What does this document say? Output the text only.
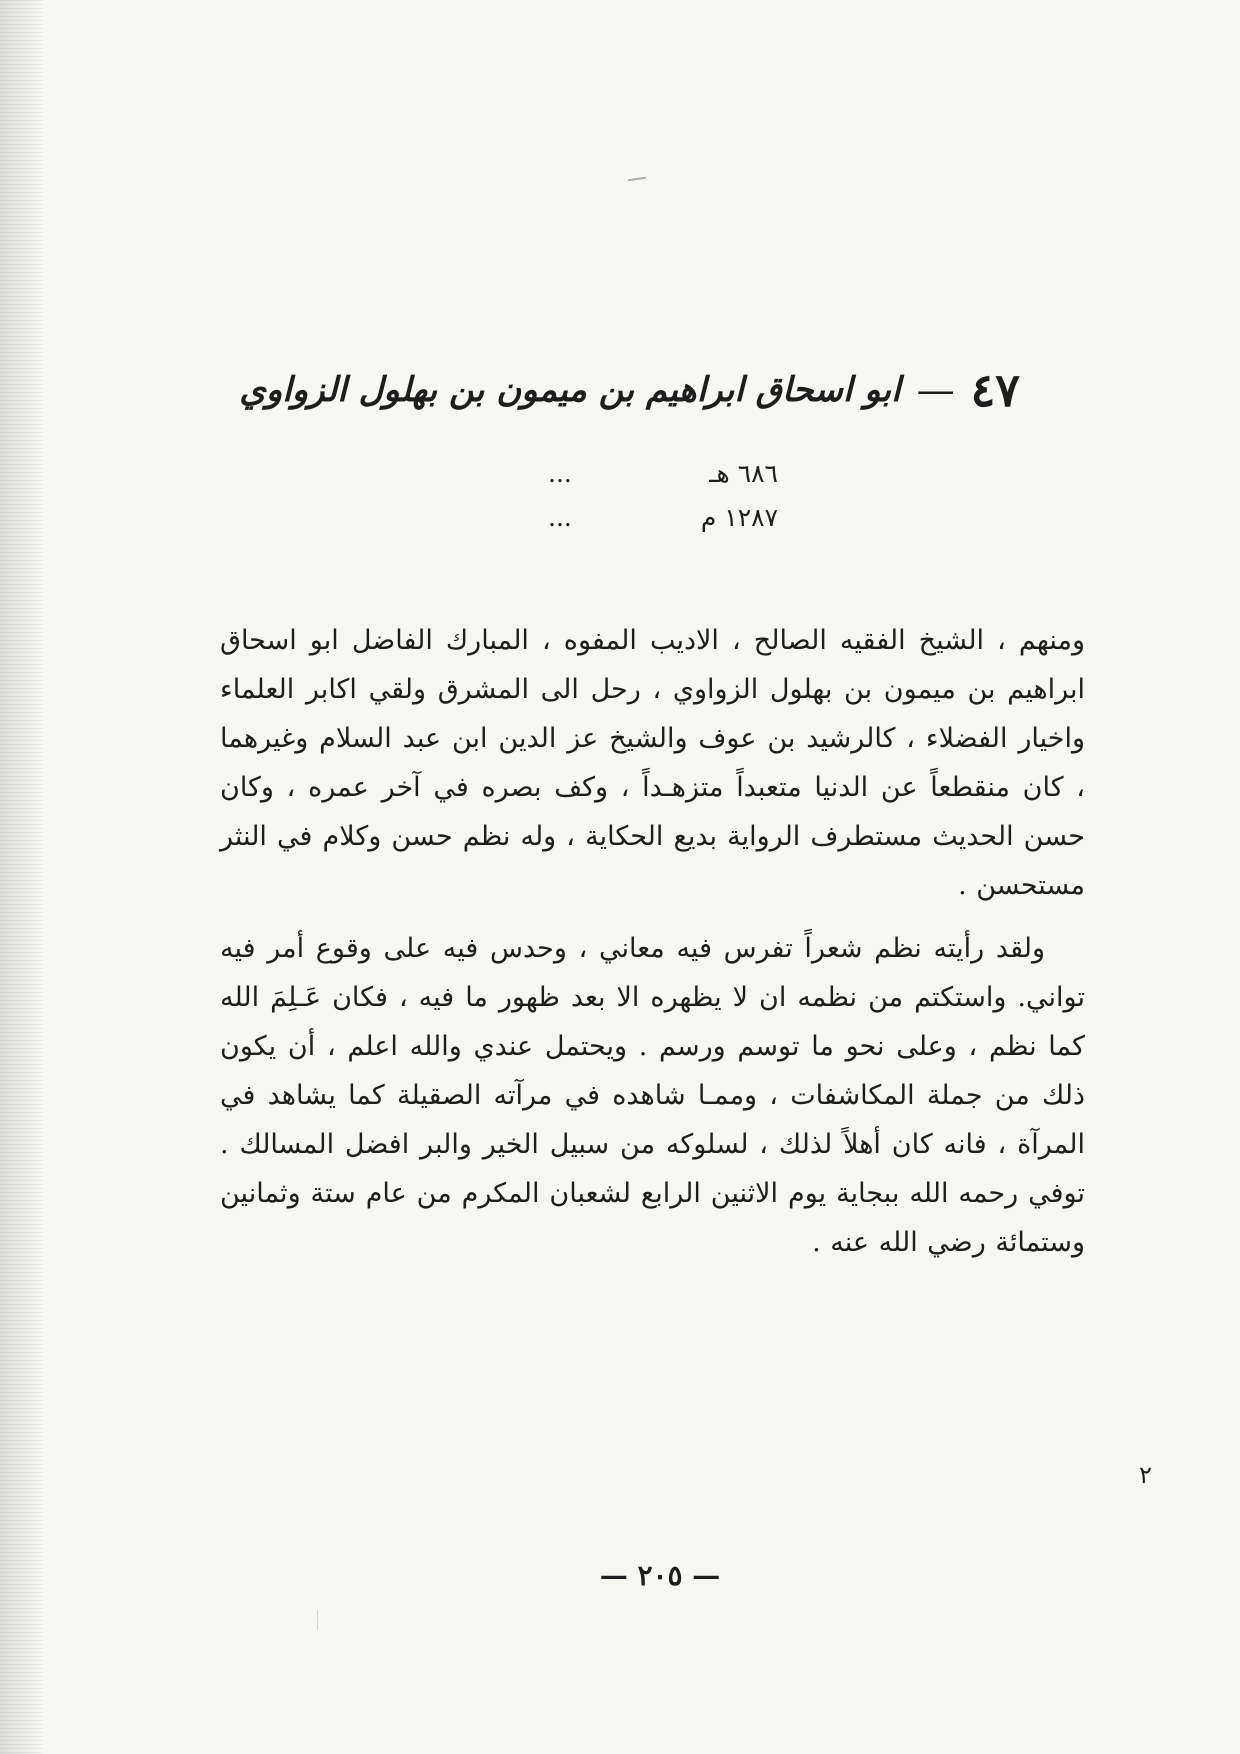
٤٧
—
ابو اسحاق ابراهيم بن ميمون بن بهلول الزواوي
...	٦٨٦ هـ
...	١٢٨٧ م

ومنهم ، الشيخ الفقيه الصالح ، الاديب المفوه ، المبارك الفاضل ابو اسحاق ابراهيم بن ميمون بن بهلول الزواوي ، رحل الى المشرق ولقي اكابر العلماء واخيار الفضلاء ، كالرشيد بن عوف والشيخ عز الدين ابن عبد السلام وغيرهما ، كان منقطعاً عن الدنيا متعبداً متزهـداً ، وكف بصره في آخر عمره ، وكان حسن الحديث مستطرف الرواية بديع الحكاية ، وله نظم حسن وكلام في النثر مستحسن .

ولقد رأيته نظم شعراً تفرس فيه معاني ، وحدس فيه على وقوع أمر فيه تواني. واستكتم من نظمه ان لا يظهره الا بعد ظهور ما فيه ، فكان عَـلِمَ الله كما نظم ، وعلى نحو ما توسم ورسم . ويحتمل عندي والله اعلم ، أن يكون ذلك من جملة المكاشفات ، وممـا شاهده في مرآته الصقيلة كما يشاهد في المرآة ، فانه كان أهلاً لذلك ، لسلوكه من سبيل الخير والبر افضل المسالك . توفي رحمه الله ببجاية يوم الاثنين الرابع لشعبان المكرم من عام ستة وثمانين وستمائة رضي الله عنه .

٢
— ٢٠٥ —
